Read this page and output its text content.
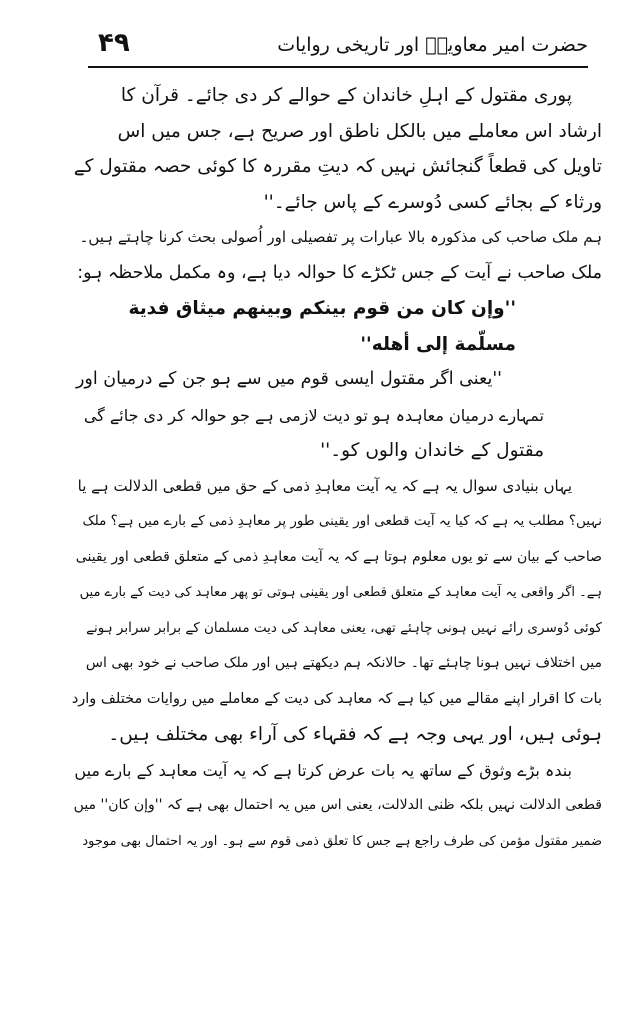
۴۹	حضرت امیر معاویہؓ اور تاریخی روایات
پوری مقتول کے اہلِ خاندان کے حوالے کر دی جائے۔ قرآن کا
ارشاد اس معاملے میں بالکل ناطق اور صریح ہے، جس میں اس
تاویل کی قطعاً گنجائش نہیں کہ دیتِ مقررہ کا کوئی حصہ مقتول کے
ورثاء کے بجائے کسی دُوسرے کے پاس جائے۔''
ہم ملک صاحب کی مذکورہ بالا عبارات پر تفصیلی اور اُصولی بحث کرنا چاہتے ہیں۔
ملک صاحب نے آیت کے جس ٹکڑے کا حوالہ دیا ہے، وہ مکمل ملاحظہ ہو:
''وإن كان من قوم بينكم وبينهم ميثاق فدية
مسلّمة إلى أهله''
''یعنی اگر مقتول ایسی قوم میں سے ہو جن کے درمیان اور
تمہارے درمیان معاہدہ ہو تو دیت لازمی ہے جو حوالہ کر دی جائے گی
مقتول کے خاندان والوں کو۔''
یہاں بنیادی سوال یہ ہے کہ یہ آیت معاہدِ ذمی کے حق میں قطعی الدلالت ہے یا
نہیں؟ مطلب یہ ہے کہ کیا یہ آیت قطعی اور یقینی طور پر معاہدِ ذمی کے بارے میں ہے؟ ملک
صاحب کے بیان سے تو یوں معلوم ہوتا ہے کہ یہ آیت معاہدِ ذمی کے متعلق قطعی اور یقینی
ہے۔ اگر واقعی یہ آیت معاہد کے متعلق قطعی اور یقینی ہوتی تو پھر معاہد کی دیت کے بارے میں
کوئی دُوسری رائے نہیں ہونی چاہئے تھی، یعنی معاہد کی دیت مسلمان کے برابر سرابر ہونے
میں اختلاف نہیں ہونا چاہئے تھا۔ حالانکہ ہم دیکھتے ہیں اور ملک صاحب نے خود بھی اس
بات کا اقرار اپنے مقالے میں کیا ہے کہ معاہد کی دیت کے معاملے میں روایات مختلف وارد
ہوئی ہیں، اور یہی وجہ ہے کہ فقہاء کی آراء بھی مختلف ہیں۔
بندہ بڑے وثوق کے ساتھ یہ بات عرض کرتا ہے کہ یہ آیت معاہد کے بارے میں
قطعی الدلالت نہیں بلکہ ظنی الدلالت، یعنی اس میں یہ احتمال بھی ہے کہ ''وإن كان'' میں
ضمیر مقتول مؤمن کی طرف راجع ہے جس کا تعلق ذمی قوم سے ہو۔ اور یہ احتمال بھی موجود
